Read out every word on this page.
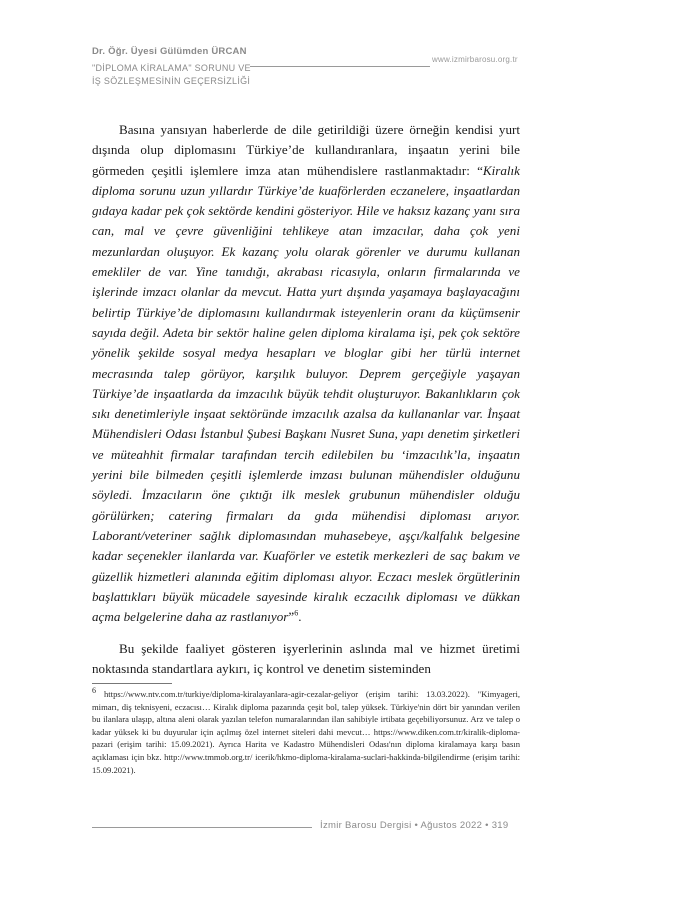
Dr. Öğr. Üyesi Gülümden ÜRCAN
"DİPLOMA KİRALAMA" SORUNU VE
İŞ SÖZLEŞMESİNİN GEÇERSİZLİĞİ
www.izmirbarosu.org.tr
Basına yansıyan haberlerde de dile getirildiği üzere örneğin kendisi yurt dışında olup diplomasını Türkiye’de kullandıranlara, inşaatın yerini bile görmeden çeşitli işlemlere imza atan mühendislere rastlanmaktadır: “Kiralık diploma sorunu uzun yıllardır Türkiye’de kuaförlerden eczanelere, inşaatlardan gıdaya kadar pek çok sektörde kendini gösteriyor. Hile ve haksız kazanç yanı sıra can, mal ve çevre güvenliğini tehlikeye atan imzacılar, daha çok yeni mezunlardan oluşuyor. Ek kazanç yolu olarak görenler ve durumu kullanan emekliler de var. Yine tanıdığı, akrabası ricasıyla, onların firmalarında ve işlerinde imzacı olanlar da mevcut. Hatta yurt dışında yaşamaya başlayacağını belirtip Türkiye’de diplomasını kullandırmak isteyenlerin oranı da küçümsenir sayıda değil. Adeta bir sektör haline gelen diploma kiralama işi, pek çok sektöre yönelik şekilde sosyal medya hesapları ve bloglar gibi her türlü internet mecrasında talep görüyor, karşılık buluyor. Deprem gerçeğiyle yaşayan Türkiye’de inşaatlarda da imzacılık büyük tehdit oluşturuyor. Bakanlıkların çok sıkı denetimleriyle inşaat sektöründe imzacılık azalsa da kullananlar var. İnşaat Mühendisleri Odası İstanbul Şubesi Başkanı Nusret Suna, yapı denetim şirketleri ve müteahhit firmalar tarafından tercih edilebilen bu ‘imzacılık’la, inşaatın yerini bile bilmeden çeşitli işlemlerde imzası bulunan mühendisler olduğunu söyledi. İmzacıların öne çıktığı ilk meslek grubunun mühendisler olduğu görülürken; catering firmaları da gıda mühendisi diploması arıyor. Laborant/veteriner sağlık diplomasından muhasebeye, aşçı/kalfalık belgesine kadar seçenekler ilanlarda var. Kuaförler ve estetik merkezleri de saç bakım ve güzellik hizmetleri alanında eğitim diploması alıyor. Eczacı meslek örgütlerinin başlattıkları büyük mücadele sayesinde kiralık eczacılık diploması ve dükkan açma belgelerine daha az rastlanıyor”$^6$.
Bu şekilde faaliyet gösteren işyerlerinin aslında mal ve hizmet üretimi noktasında standartlara aykırı, iç kontrol ve denetim sisteminden
6 https://www.ntv.com.tr/turkiye/diploma-kiralayanlara-agir-cezalar-geliyor (erişim tarihi: 13.03.2022). "Kimyageri, mimarı, diş teknisyeni, eczacısı… Kiralık diploma pazarında çeşit bol, talep yüksek. Türkiye'nin dört bir yanından verilen bu ilanlara ulaşıp, altına aleni olarak yazılan telefon numaralarından ilan sahibiyle irtibata geçebiliyorsunuz. Arz ve talep o kadar yüksek ki bu duyurular için açılmış özel internet siteleri dahi mevcut… https://www.diken.com.tr/kiralik-diploma-pazari (erişim tarihi: 15.09.2021). Ayrıca Harita ve Kadastro Mühendisleri Odası'nın diploma kiralamaya karşı basın açıklaması için bkz. http://www.tmmob.org.tr/ icerik/hkmo-diploma-kiralama-suclari-hakkinda-bilgilendirme (erişim tarihi: 15.09.2021).
İzmir Barosu Dergisi • Ağustos 2022 • 319
